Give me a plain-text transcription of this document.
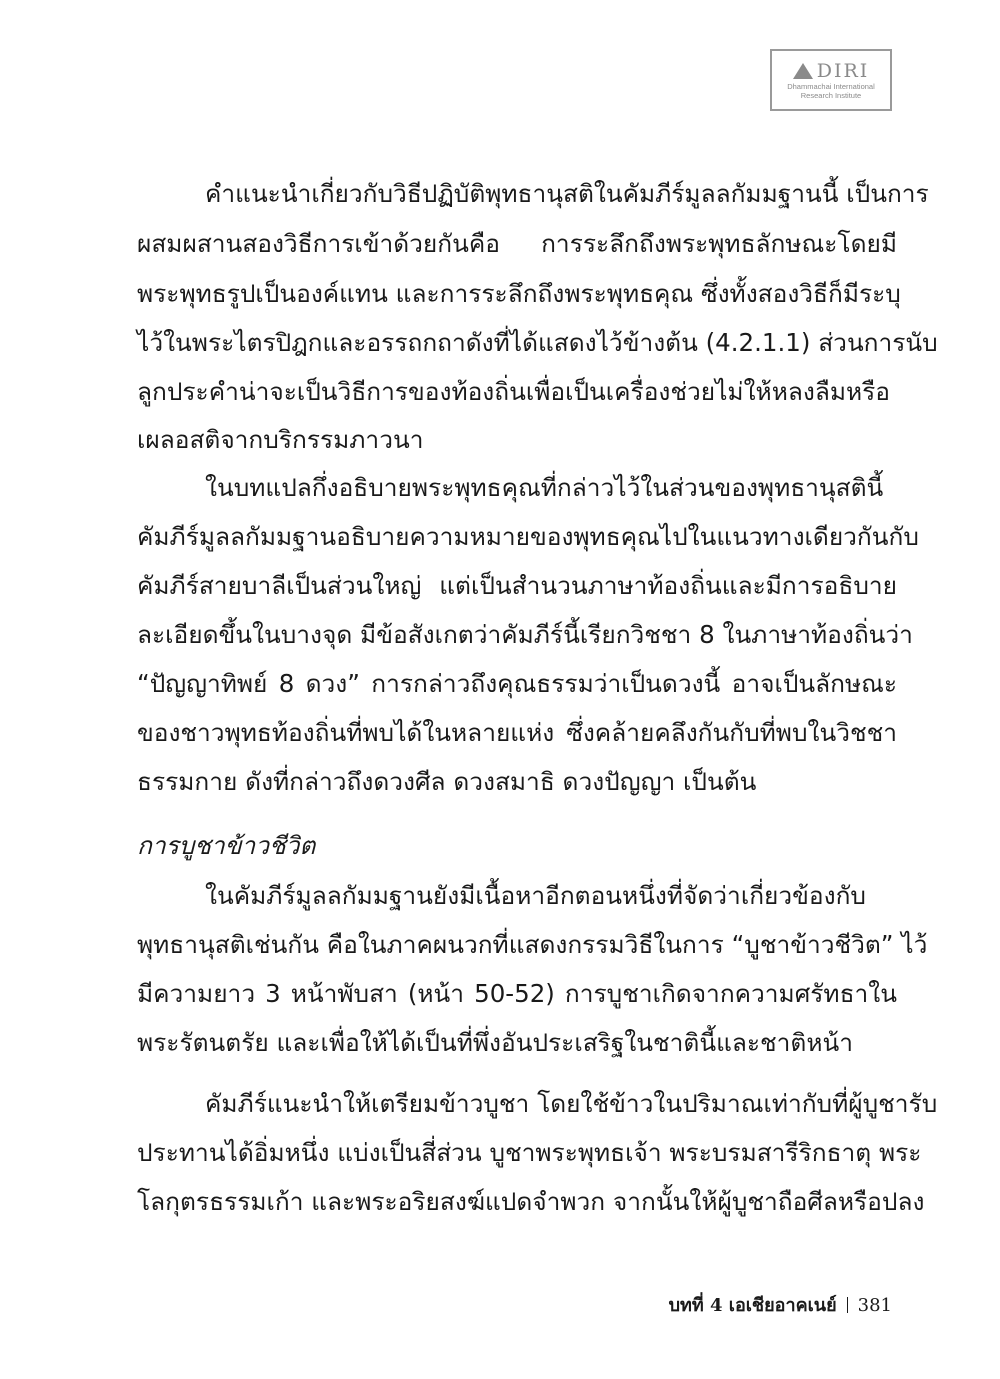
DIRI
Dhammachai International
Research Institute
คำแนะนำเกี่ยวกับวิธีปฏิบัติพุทธานุสติในคัมภีร์มูลลกัมมฐานนี้ เป็นการ
ผสมผสานสองวิธีการเข้าด้วยกันคือ การระลึกถึงพระพุทธลักษณะโดยมี
พระพุทธรูปเป็นองค์แทน และการระลึกถึงพระพุทธคุณ ซึ่งทั้งสองวิธีก็มีระบุ
ไว้ในพระไตรปิฎกและอรรถกถาดังที่ได้แสดงไว้ข้างต้น (4.2.1.1) ส่วนการนับ
ลูกประคำน่าจะเป็นวิธีการของท้องถิ่นเพื่อเป็นเครื่องช่วยไม่ให้หลงลืมหรือ
เผลอสติจากบริกรรมภาวนา
ในบทแปลกึ่งอธิบายพระพุทธคุณที่กล่าวไว้ในส่วนของพุทธานุสตินี้
คัมภีร์มูลลกัมมฐานอธิบายความหมายของพุทธคุณไปในแนวทางเดียวกันกับ
คัมภีร์สายบาลีเป็นส่วนใหญ่ แต่เป็นสำนวนภาษาท้องถิ่นและมีการอธิบาย
ละเอียดขึ้นในบางจุด มีข้อสังเกตว่าคัมภีร์นี้เรียกวิชชา 8 ในภาษาท้องถิ่นว่า
“ปัญญาทิพย์ 8 ดวง” การกล่าวถึงคุณธรรมว่าเป็นดวงนี้ อาจเป็นลักษณะ
ของชาวพุทธท้องถิ่นที่พบได้ในหลายแห่ง ซึ่งคล้ายคลึงกันกับที่พบในวิชชา
ธรรมกาย ดังที่กล่าวถึงดวงศีล ดวงสมาธิ ดวงปัญญา เป็นต้น
การบูชาข้าวชีวิต
ในคัมภีร์มูลลกัมมฐานยังมีเนื้อหาอีกตอนหนึ่งที่จัดว่าเกี่ยวข้องกับ
พุทธานุสติเช่นกัน คือในภาคผนวกที่แสดงกรรมวิธีในการ “บูชาข้าวชีวิต” ไว้
มีความยาว 3 หน้าพับสา (หน้า 50-52) การบูชาเกิดจากความศรัทธาใน
พระรัตนตรัย และเพื่อให้ได้เป็นที่พึ่งอันประเสริฐในชาตินี้และชาติหน้า
คัมภีร์แนะนำให้เตรียมข้าวบูชา โดยใช้ข้าวในปริมาณเท่ากับที่ผู้บูชารับ
ประทานได้อิ่มหนึ่ง แบ่งเป็นสี่ส่วน บูชาพระพุทธเจ้า พระบรมสารีริกธาตุ พระ
โลกุตรธรรมเก้า และพระอริยสงฆ์แปดจำพวก จากนั้นให้ผู้บูชาถือศีลหรือปลง
บทที่ 4 เอเชียอาคเนย์ 381
